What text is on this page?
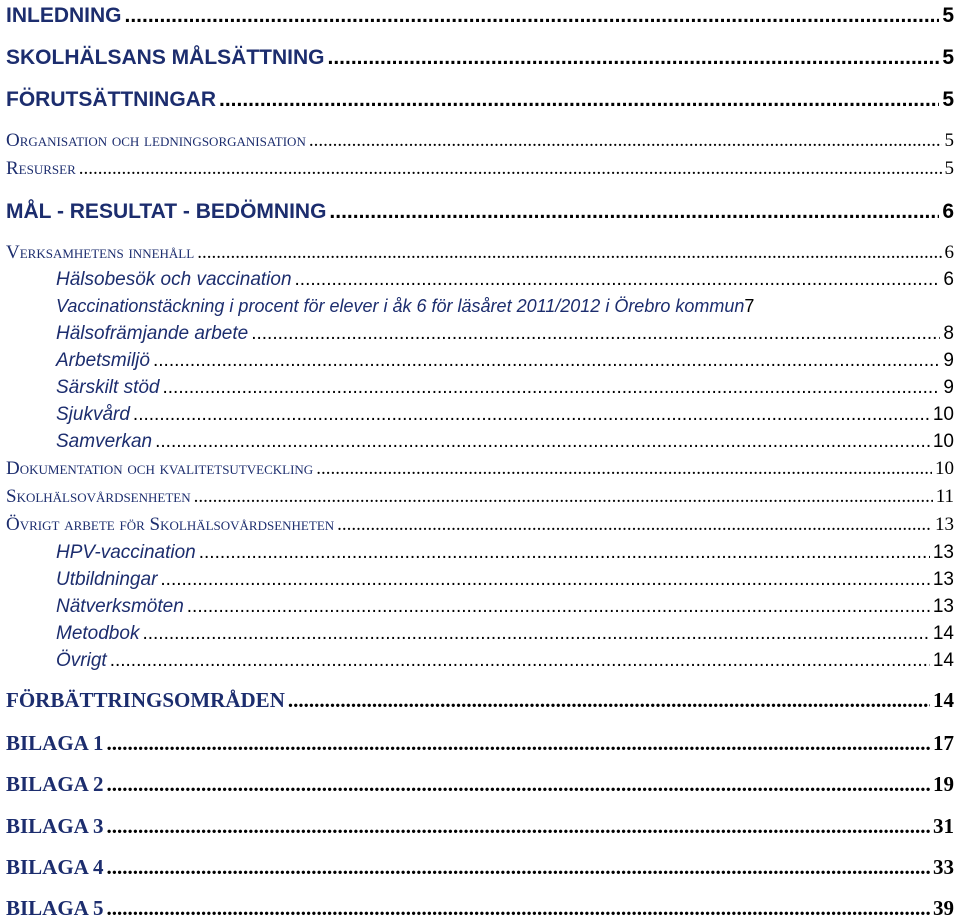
INLEDNING .....	5
SKOLHÄLSANS MÅLSÄTTNING .....	5
FÖRUTSÄTTNINGAR .....	5
Organisation och ledningsorganisation .....	5
Resurser .....	5
MÅL - RESULTAT - BEDÖMNING .....	6
Verksamhetens innehåll .....	6
Hälsobesök och vaccination .....	6
Vaccinationstäckning i procent för elever i åk 6 för läsåret 2011/2012 i Örebro kommun 7
Hälsofrämjande arbete .....	8
Arbetsmiljö .....	9
Särskilt stöd .....	9
Sjukvård .....	10
Samverkan .....	10
Dokumentation och kvalitetsutveckling .....	10
Skolhälsovårdsenheten .....	11
Övrigt arbete för Skolhälsovårdsenheten .....	13
HPV-vaccination .....	13
Utbildningar .....	13
Nätverksmöten .....	13
Metodbok .....	14
Övrigt .....	14
FÖRBÄTTRINGSOMRÅDEN .....	14
BILAGA 1 .....	17
BILAGA 2 .....	19
BILAGA 3 .....	31
BILAGA 4 .....	33
BILAGA 5 .....	39
